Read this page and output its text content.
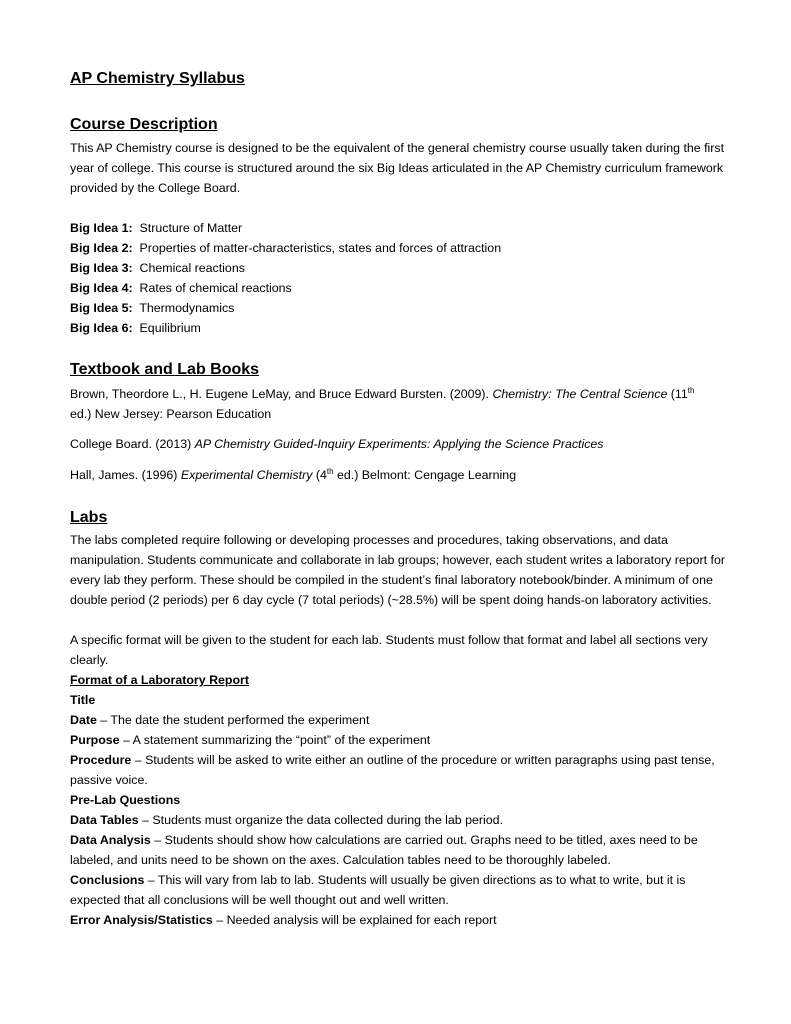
AP Chemistry Syllabus
Course Description

This AP Chemistry course is designed to be the equivalent of the general chemistry course usually taken during the first year of college. This course is structured around the six Big Ideas articulated in the AP Chemistry curriculum framework provided by the College Board.

Big Idea 1: Structure of Matter
Big Idea 2: Properties of matter-characteristics, states and forces of attraction
Big Idea 3: Chemical reactions
Big Idea 4: Rates of chemical reactions
Big Idea 5: Thermodynamics
Big Idea 6: Equilibrium
Textbook and Lab Books
Brown, Theordore L., H. Eugene LeMay, and Bruce Edward Bursten. (2009). Chemistry: The Central Science (11th
ed.) New Jersey: Pearson Education
College Board. (2013) AP Chemistry Guided-Inquiry Experiments: Applying the Science Practices
Hall, James. (1996) Experimental Chemistry (4th ed.) Belmont: Cengage Learning
Labs

The labs completed require following or developing processes and procedures, taking observations, and data manipulation. Students communicate and collaborate in lab groups; however, each student writes a laboratory report for every lab they perform. These should be compiled in the student’s final laboratory notebook/binder. A minimum of one double period (2 periods) per 6 day cycle (7 total periods) (~28.5%) will be spent doing hands-on laboratory activities.

A specific format will be given to the student for each lab. Students must follow that format and label all sections very clearly.

Format of a Laboratory Report
Title
Date – The date the student performed the experiment
Purpose – A statement summarizing the “point” of the experiment
Procedure – Students will be asked to write either an outline of the procedure or written paragraphs using past tense, passive voice.
Pre-Lab Questions
Data Tables – Students must organize the data collected during the lab period.
Data Analysis – Students should show how calculations are carried out. Graphs need to be titled, axes need to be labeled, and units need to be shown on the axes. Calculation tables need to be thoroughly labeled.
Conclusions – This will vary from lab to lab. Students will usually be given directions as to what to write, but it is expected that all conclusions will be well thought out and well written.
Error Analysis/Statistics – Needed analysis will be explained for each report
